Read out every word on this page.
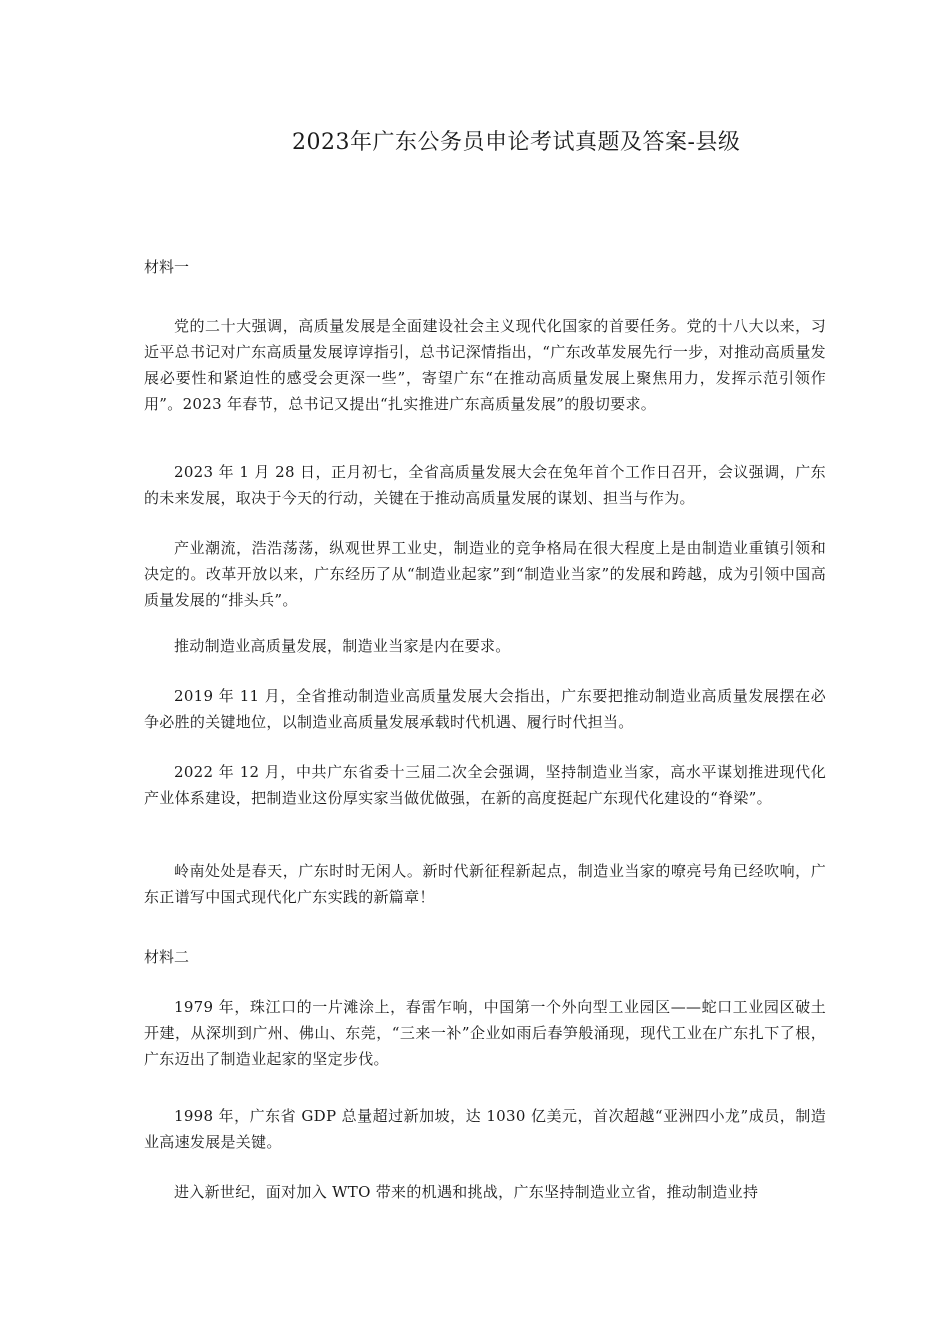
2023年广东公务员申论考试真题及答案-县级
材料一

党的二十大强调，高质量发展是全面建设社会主义现代化国家的首要任务。党的十八大以来，习近平总书记对广东高质量发展谆谆指引，总书记深情指出，“广东改革发展先行一步，对推动高质量发展必要性和紧迫性的感受会更深一些”，寄望广东“在推动高质量发展上聚焦用力，发挥示范引领作用”。2023 年春节，总书记又提出“扎实推进广东高质量发展”的殷切要求。

2023 年 1 月 28 日，正月初七，全省高质量发展大会在兔年首个工作日召开，会议强调，广东的未来发展，取决于今天的行动，关键在于推动高质量发展的谋划、担当与作为。

产业潮流，浩浩荡荡，纵观世界工业史，制造业的竞争格局在很大程度上是由制造业重镇引领和决定的。改革开放以来，广东经历了从“制造业起家”到“制造业当家”的发展和跨越，成为引领中国高质量发展的“排头兵”。

推动制造业高质量发展，制造业当家是内在要求。

2019 年 11 月，全省推动制造业高质量发展大会指出，广东要把推动制造业高质量发展摆在必争必胜的关键地位，以制造业高质量发展承载时代机遇、履行时代担当。

2022 年 12 月，中共广东省委十三届二次全会强调，坚持制造业当家，高水平谋划推进现代化产业体系建设，把制造业这份厚实家当做优做强，在新的高度挺起广东现代化建设的“脊梁”。

岭南处处是春天，广东时时无闲人。新时代新征程新起点，制造业当家的嘹亮号角已经吹响，广东正谱写中国式现代化广东实践的新篇章！

材料二

1979 年，珠江口的一片滩涂上，春雷乍响，中国第一个外向型工业园区——蛇口工业园区破土开建，从深圳到广州、佛山、东莞，“三来一补”企业如雨后春笋般涌现，现代工业在广东扎下了根，广东迈出了制造业起家的坚定步伐。

1998 年，广东省 GDP 总量超过新加坡，达 1030 亿美元，首次超越“亚洲四小龙”成员，制造业高速发展是关键。

进入新世纪，面对加入 WTO 带来的机遇和挑战，广东坚持制造业立省，推动制造业持
